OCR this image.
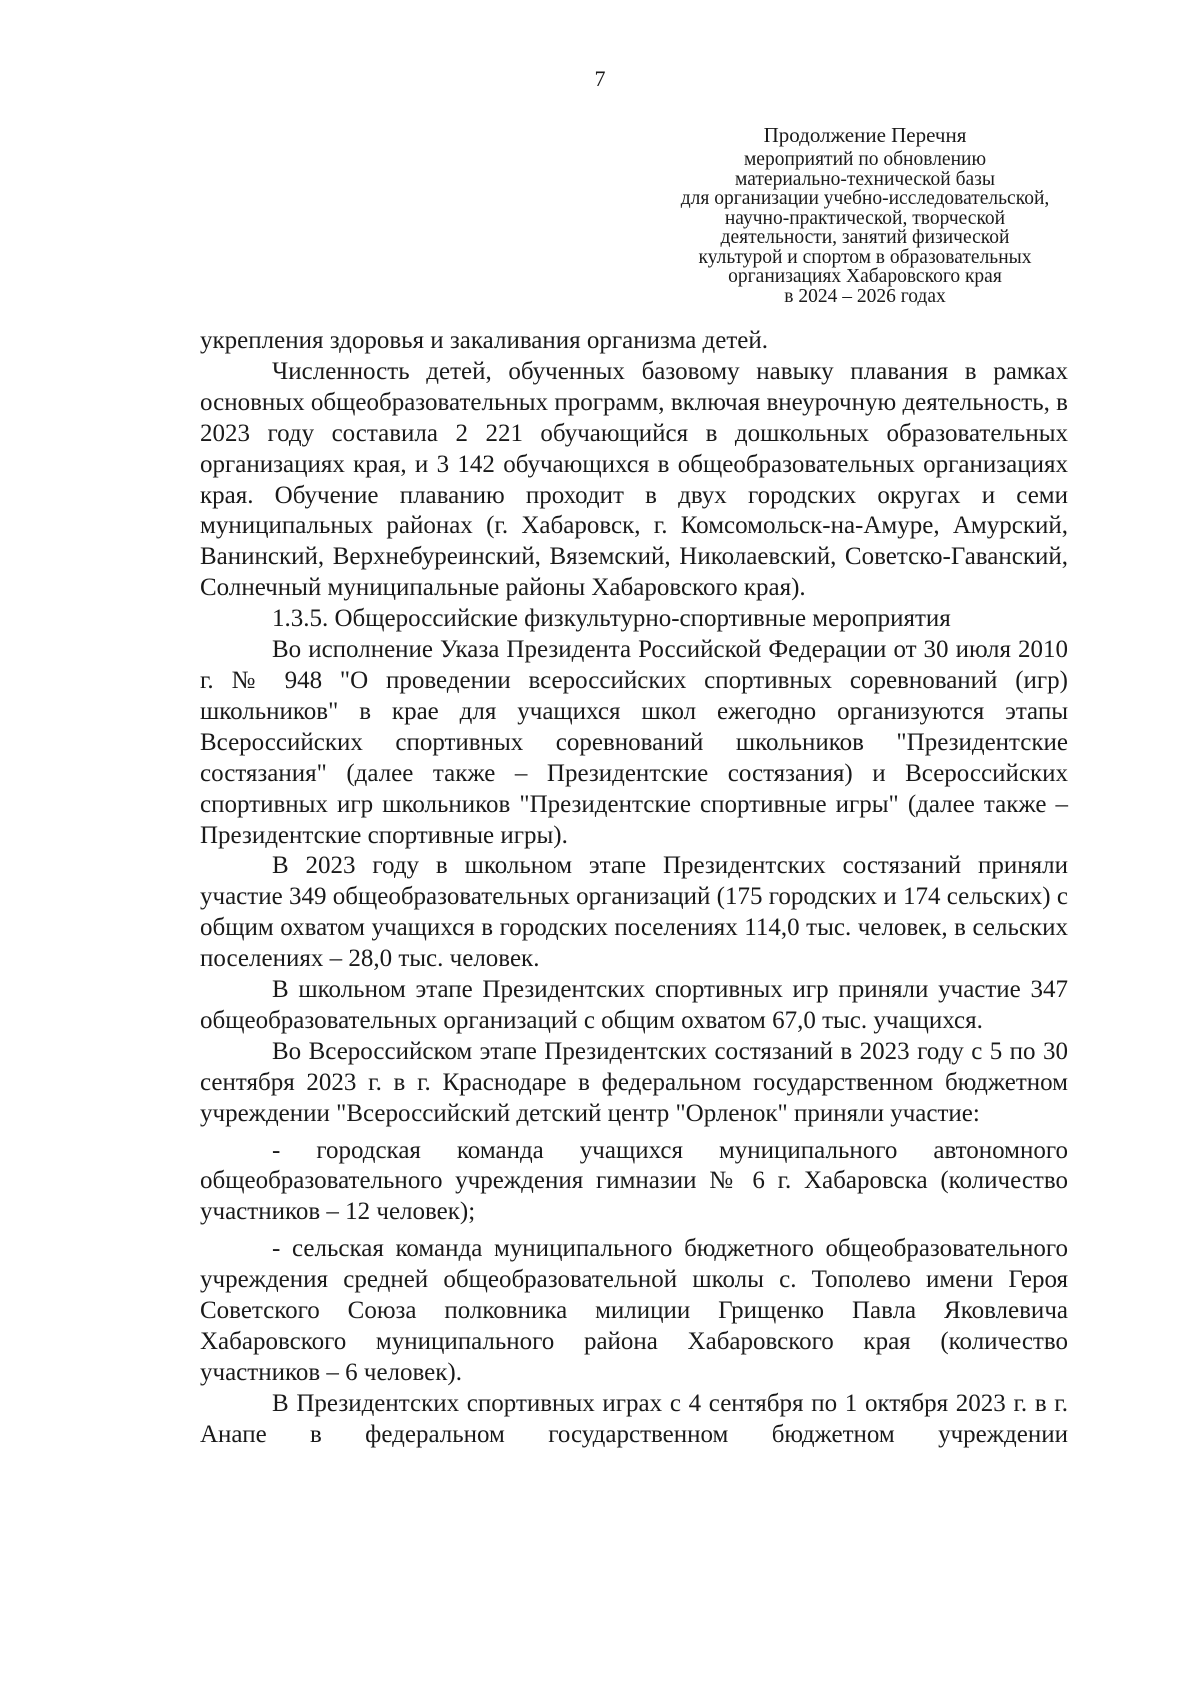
7
Продолжение Перечня
мероприятий по обновлению
материально-технической базы
для организации учебно-исследовательской,
научно-практической, творческой
деятельности, занятий физической
культурой и спортом в образовательных
организациях Хабаровского края
в 2024 – 2026 годах

укрепления здоровья и закаливания организма детей.

Численность детей, обученных базовому навыку плавания в рамках основных общеобразовательных программ, включая внеурочную деятельность, в 2023 году составила 2 221 обучающийся в дошкольных образовательных организациях края, и 3 142 обучающихся в общеобразовательных организациях края. Обучение плаванию проходит в двух городских округах и семи муниципальных районах (г. Хабаровск, г. Комсомольск-на-Амуре, Амурский, Ванинский, Верхнебуреинский, Вяземский, Николаевский, Советско-Гаванский, Солнечный муниципальные районы Хабаровского края).

1.3.5. Общероссийские физкультурно-спортивные мероприятия

Во исполнение Указа Президента Российской Федерации от 30 июля 2010 г. № 948 "О проведении всероссийских спортивных соревнований (игр) школьников" в крае для учащихся школ ежегодно организуются этапы Всероссийских спортивных соревнований школьников "Президентские состязания" (далее также – Президентские состязания) и Всероссийских спортивных игр школьников "Президентские спортивные игры" (далее также – Президентские спортивные игры).

В 2023 году в школьном этапе Президентских состязаний приняли участие 349 общеобразовательных организаций (175 городских и 174 сельских) с общим охватом учащихся в городских поселениях 114,0 тыс. человек, в сельских поселениях – 28,0 тыс. человек.

В школьном этапе Президентских спортивных игр приняли участие 347 общеобразовательных организаций с общим охватом 67,0 тыс. учащихся.

Во Всероссийском этапе Президентских состязаний в 2023 году с 5 по 30 сентября 2023 г. в г. Краснодаре в федеральном государственном бюджетном учреждении "Всероссийский детский центр "Орленок" приняли участие:

- городская команда учащихся муниципального автономного общеобразовательного учреждения гимназии № 6 г. Хабаровска (количество участников – 12 человек);

- сельская команда муниципального бюджетного общеобразовательного учреждения средней общеобразовательной школы с. Тополево имени Героя Советского Союза полковника милиции Грищенко Павла Яковлевича Хабаровского муниципального района Хабаровского края (количество участников – 6 человек).

В Президентских спортивных играх с 4 сентября по 1 октября 2023 г. в г. Анапе в федеральном государственном бюджетном учреждении
